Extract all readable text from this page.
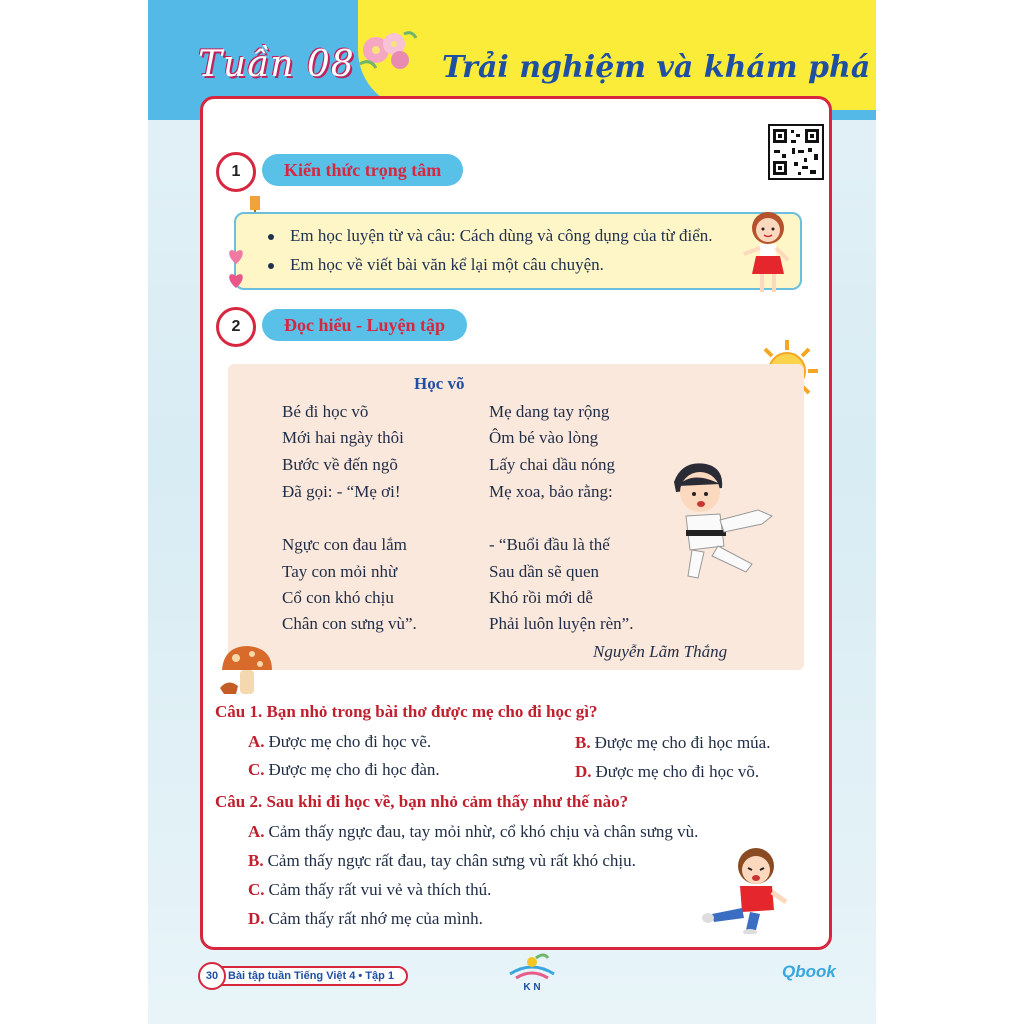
Tuần 08	Trải nghiệm và khám phá
1	Kiến thức trọng tâm
Em học luyện từ và câu: Cách dùng và công dụng của từ điển.
Em học về viết bài văn kể lại một câu chuyện.
2	Đọc hiểu - Luyện tập
Học võ
Bé đi học võ
Mới hai ngày thôi
Bước về đến ngõ
Đã gọi: - “Mẹ ơi!
Ngực con đau lắm
Tay con mỏi nhừ
Cổ con khó chịu
Chân con sưng vù”.
Mẹ dang tay rộng
Ôm bé vào lòng
Lấy chai dầu nóng
Mẹ xoa, bảo rằng:
- “Buổi đầu là thế
Sau dần sẽ quen
Khó rồi mới dễ
Phải luôn luyện rèn”.
Nguyễn Lãm Thắng
Câu 1. Bạn nhỏ trong bài thơ được mẹ cho đi học gì?
A. Được mẹ cho đi học vẽ.	B. Được mẹ cho đi học múa.
C. Được mẹ cho đi học đàn.	D. Được mẹ cho đi học võ.
Câu 2. Sau khi đi học về, bạn nhỏ cảm thấy như thế nào?
A. Cảm thấy ngực đau, tay mỏi nhừ, cổ khó chịu và chân sưng vù.
B. Cảm thấy ngực rất đau, tay chân sưng vù rất khó chịu.
C. Cảm thấy rất vui vẻ và thích thú.
D. Cảm thấy rất nhớ mẹ của mình.
Bài tập tuần Tiếng Việt 4 • Tập 1
30
K N
Qbook
